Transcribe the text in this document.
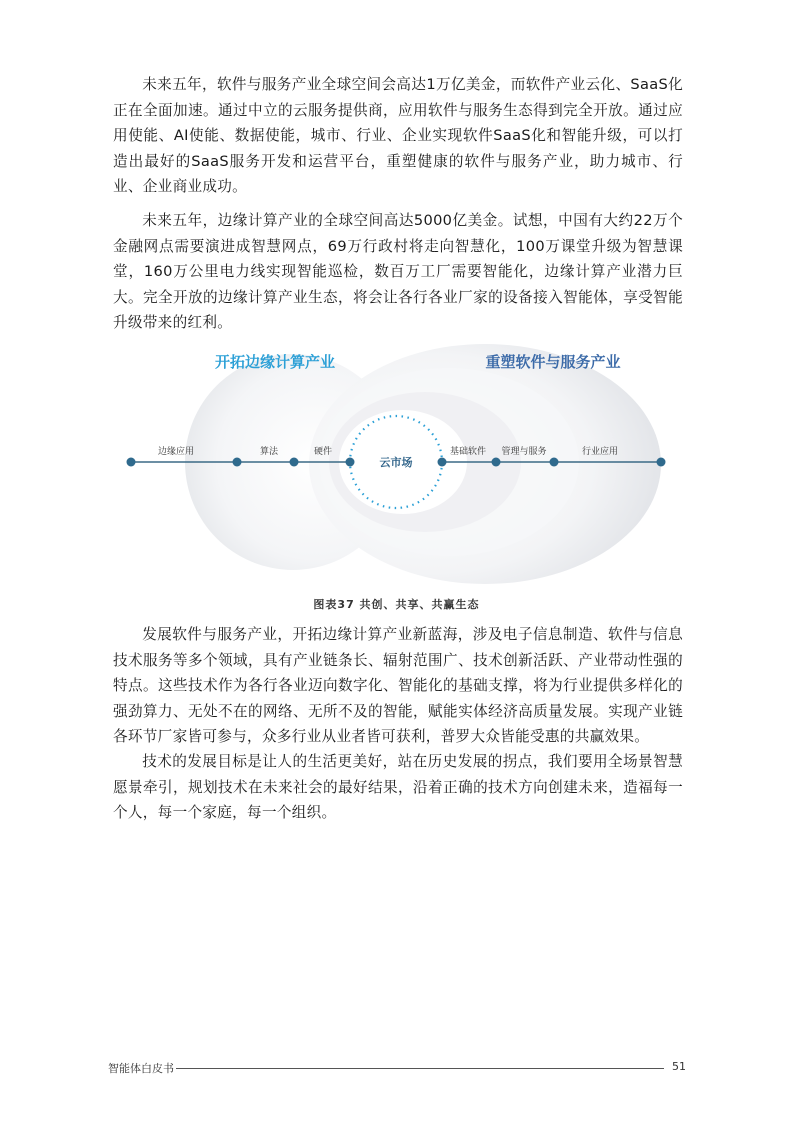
未来五年，软件与服务产业全球空间会高达1万亿美金，而软件产业云化、SaaS化正在全面加速。通过中立的云服务提供商，应用软件与服务生态得到完全开放。通过应用使能、AI使能、数据使能，城市、行业、企业实现软件SaaS化和智能升级，可以打造出最好的SaaS服务开发和运营平台，重塑健康的软件与服务产业，助力城市、行业、企业商业成功。

未来五年，边缘计算产业的全球空间高达5000亿美金。试想，中国有大约22万个金融网点需要演进成智慧网点，69万行政村将走向智慧化，100万课堂升级为智慧课堂，160万公里电力线实现智能巡检，数百万工厂需要智能化，边缘计算产业潜力巨大。完全开放的边缘计算产业生态，将会让各行各业厂家的设备接入智能体，享受智能升级带来的红利。

开拓边缘计算产业	重塑软件与服务产业
云市场
边缘应用	算法	硬件	基础软件 管理与服务	行业应用
图表37 共创、共享、共赢生态

发展软件与服务产业，开拓边缘计算产业新蓝海，涉及电子信息制造、软件与信息技术服务等多个领域，具有产业链条长、辐射范围广、技术创新活跃、产业带动性强的特点。这些技术作为各行各业迈向数字化、智能化的基础支撑，将为行业提供多样化的强劲算力、无处不在的网络、无所不及的智能，赋能实体经济高质量发展。实现产业链各环节厂家皆可参与，众多行业从业者皆可获利，普罗大众皆能受惠的共赢效果。

技术的发展目标是让人的生活更美好，站在历史发展的拐点，我们要用全场景智慧愿景牵引，规划技术在未来社会的最好结果，沿着正确的技术方向创建未来，造福每一个人，每一个家庭，每一个组织。

智能体白皮书	51
